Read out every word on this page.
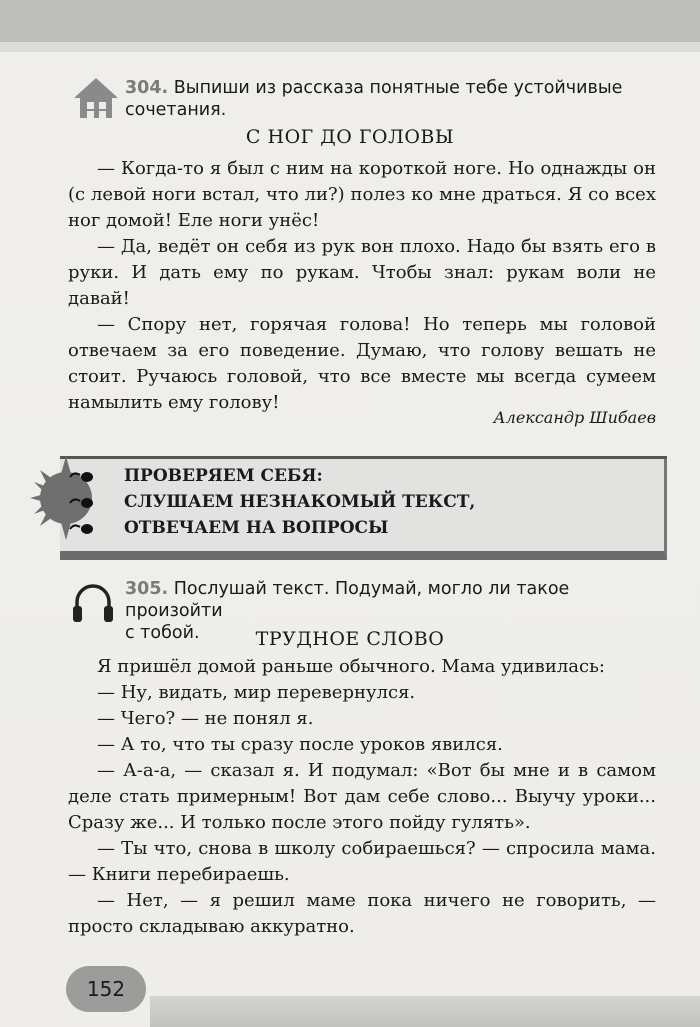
304. Выпиши из рассказа понятные тебе устойчивые
сочетания.
С НОГ ДО ГОЛОВЫ

— Когда-то я был с ним на короткой ноге. Но однажды он (с левой ноги встал, что ли?) полез ко мне драться. Я со всех ног домой! Еле ноги унёс!

— Да, ведёт он себя из рук вон плохо. Надо бы взять его в руки. И дать ему по рукам. Чтобы знал: рукам воли не давай!

— Спору нет, горячая голова! Но теперь мы головой отвечаем за его поведение. Думаю, что голову вешать не стоит. Ручаюсь головой, что все вместе мы всегда сумеем намылить ему голову!

Александр Шибаев
ПРОВЕРЯЕМ СЕБЯ:
СЛУШАЕМ НЕЗНАКОМЫЙ ТЕКСТ,
ОТВЕЧАЕМ НА ВОПРОСЫ
305. Послушай текст. Подумай, могло ли такое произойти
с тобой.	ТРУДНОЕ СЛОВО

Я пришёл домой раньше обычного. Мама удивилась:

— Ну, видать, мир перевернулся.

— Чего? — не понял я.

— А то, что ты сразу после уроков явился.

— А-а-а, — сказал я. И подумал: «Вот бы мне и в самом деле стать примерным! Вот дам себе слово... Выучу уроки... Сразу же... И только после этого пойду гулять».

— Ты что, снова в школу собираешься? — спросила мама. — Книги перебираешь.

— Нет, — я решил маме пока ничего не говорить, — просто складываю аккуратно.

152
